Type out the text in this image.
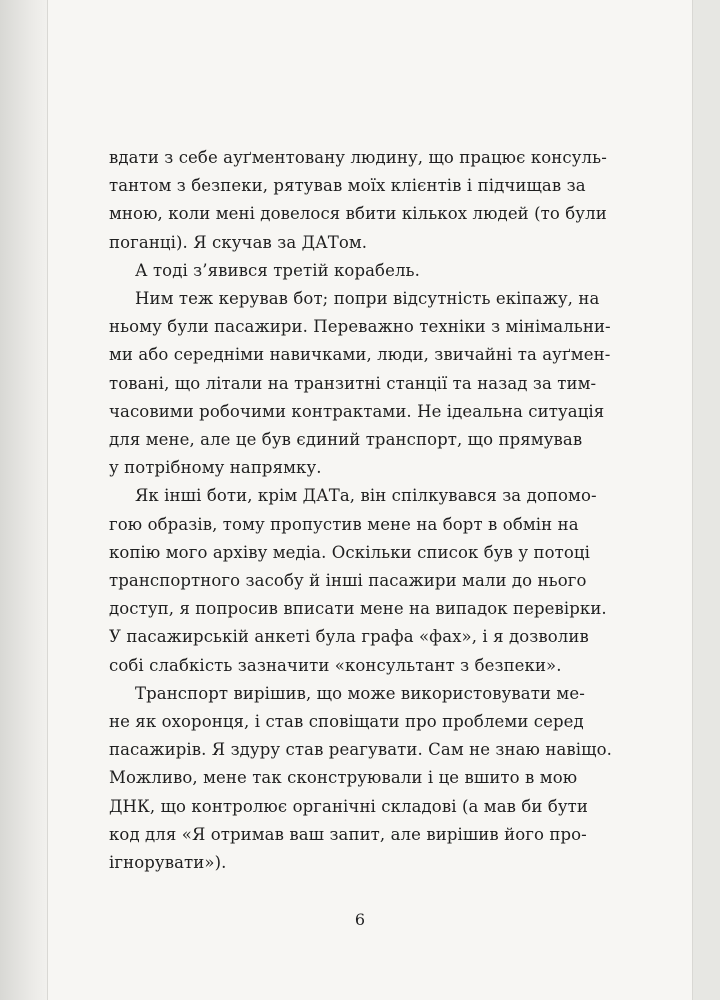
вдати з себе ауґментовану людину, що працює консуль-
тантом з безпеки, рятував моїх клієнтів і підчищав за
мною, коли мені довелося вбити кількох людей (то були
поганці). Я скучав за ДАТом.
А тоді з’явився третій корабель.
Ним теж керував бот; попри відсутність екіпажу, на
ньому були пасажири. Переважно техніки з мінімальни-
ми або середніми навичками, люди, звичайні та ауґмен-
товані, що літали на транзитні станції та назад за тим-
часовими робочими контрактами. Не ідеальна ситуація
для мене, але це був єдиний транспорт, що прямував
у потрібному напрямку.
Як інші боти, крім ДАТа, він спілкувався за допомо-
гою образів, тому пропустив мене на борт в обмін на
копію мого архіву медіа. Оскільки список був у потоці
транспортного засобу й інші пасажири мали до нього
доступ, я попросив вписати мене на випадок перевірки.
У пасажирській анкеті була графа «фах», і я дозволив
собі слабкість зазначити «консультант з безпеки».
Транспорт вирішив, що може використовувати ме-
не як охоронця, і став сповіщати про проблеми серед
пасажирів. Я здуру став реагувати. Сам не знаю навіщо.
Можливо, мене так сконструювали і це вшито в мою
ДНК, що контролює органічні складові (а мав би бути
код для «Я отримав ваш запит, але вирішив його про-
ігнорувати»).
6
